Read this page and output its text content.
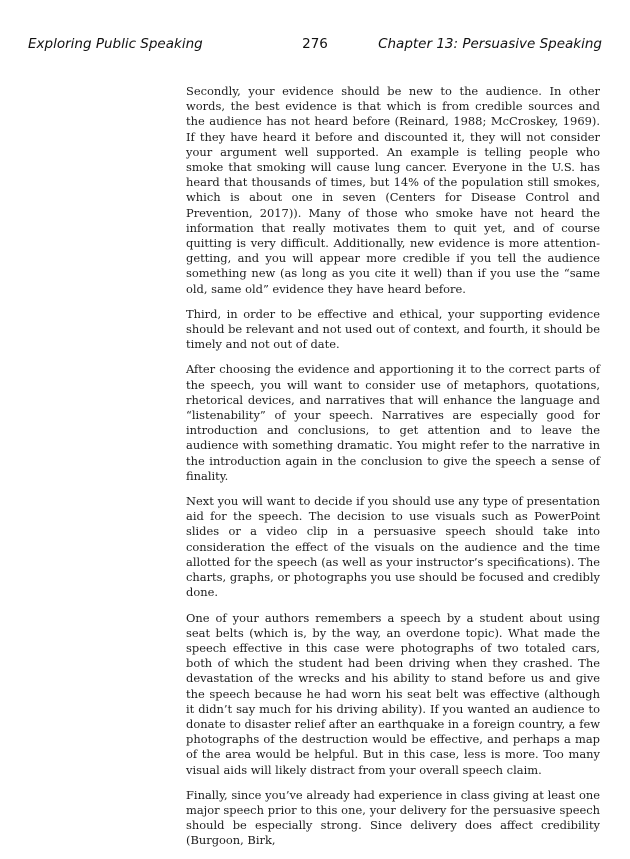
Exploring Public Speaking	276	Chapter 13: Persuasive Speaking

Secondly, your evidence should be new to the audience. In other words, the best evidence is that which is from credible sources and the audience has not heard before (Reinard, 1988; McCroskey, 1969). If they have heard it before and discounted it, they will not consider your argument well supported. An example is telling people who smoke that smoking will cause lung cancer. Everyone in the U.S. has heard that thousands of times, but 14% of the population still smokes, which is about one in seven (Centers for Disease Control and Prevention, 2017)). Many of those who smoke have not heard the information that really motivates them to quit yet, and of course quitting is very difficult. Additionally, new evidence is more attention-getting, and you will appear more credible if you tell the audience something new (as long as you cite it well) than if you use the “same old, same old” evidence they have heard before.

Third, in order to be effective and ethical, your supporting evidence should be relevant and not used out of context, and fourth, it should be timely and not out of date.

After choosing the evidence and apportioning it to the correct parts of the speech, you will want to consider use of metaphors, quotations, rhetorical devices, and narratives that will enhance the language and “listenability” of your speech. Narratives are especially good for introduction and conclusions, to get attention and to leave the audience with something dramatic. You might refer to the narrative in the introduction again in the conclusion to give the speech a sense of finality.

Next you will want to decide if you should use any type of presentation aid for the speech. The decision to use visuals such as PowerPoint slides or a video clip in a persuasive speech should take into consideration the effect of the visuals on the audience and the time allotted for the speech (as well as your instructor’s specifications). The charts, graphs, or photographs you use should be focused and credibly done.

One of your authors remembers a speech by a student about using seat belts (which is, by the way, an overdone topic). What made the speech effective in this case were photographs of two totaled cars, both of which the student had been driving when they crashed. The devastation of the wrecks and his ability to stand before us and give the speech because he had worn his seat belt was effective (although it didn’t say much for his driving ability). If you wanted an audience to donate to disaster relief after an earthquake in a foreign country, a few photographs of the destruction would be effective, and perhaps a map of the area would be helpful. But in this case, less is more. Too many visual aids will likely distract from your overall speech claim.

Finally, since you’ve already had experience in class giving at least one major speech prior to this one, your delivery for the persuasive speech should be especially strong. Since delivery does affect credibility (Burgoon, Birk,
